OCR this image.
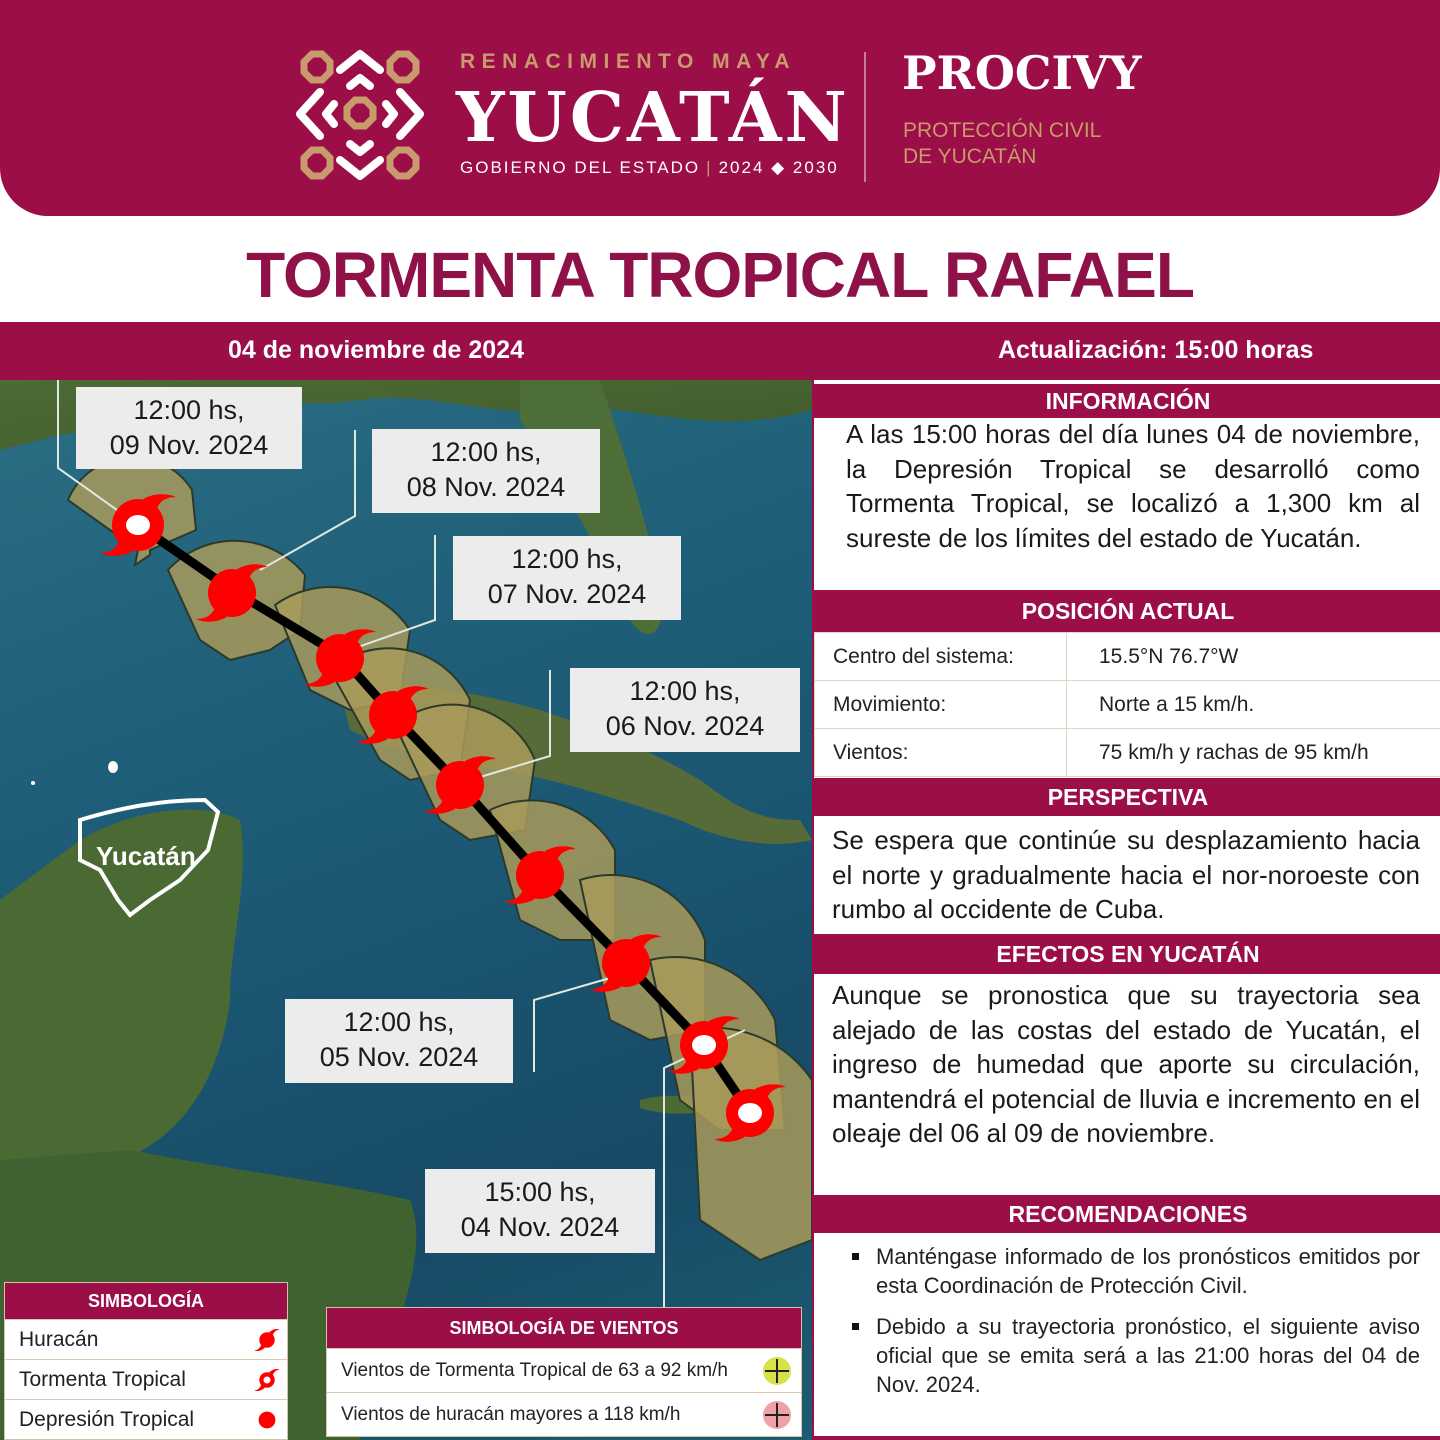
RENACIMIENTO MAYA
YUCATÁN
GOBIERNO DEL ESTADO | 2024 ◆ 2030
PROCIVY
PROTECCIÓN CIVIL
DE YUCATÁN
TORMENTA TROPICAL RAFAEL
04 de noviembre de 2024	Actualización: 15:00 horas
Yucatán
12:00 hs,
09 Nov. 2024	12:00 hs,
08 Nov. 2024
12:00 hs,
07 Nov. 2024
12:00 hs,
06 Nov. 2024
12:00 hs,
05 Nov. 2024
15:00 hs,
04 Nov. 2024
SIMBOLOGÍA
Huracán
Tormenta Tropical
Depresión Tropical
SIMBOLOGÍA DE VIENTOS
Vientos de Tormenta Tropical de 63 a 92 km/h
Vientos de huracán mayores a 118 km/h
INFORMACIÓN
A las 15:00 horas del día lunes 04 de noviembre, la Depresión Tropical se desarrolló como Tormenta Tropical, se localizó a 1,300 km al sureste de los límites del estado de Yucatán.
POSICIÓN ACTUAL
Centro del sistema:	15.5°N 76.7°W
Movimiento:	Norte a 15 km/h.
Vientos:	75 km/h y rachas de 95 km/h
PERSPECTIVA
Se espera que continúe su desplazamiento hacia el norte y gradualmente hacia el nor-noroeste con rumbo al occidente de Cuba.
EFECTOS EN YUCATÁN
Aunque se pronostica que su trayectoria sea alejado de las costas del estado de Yucatán, el ingreso de humedad que aporte su circulación, mantendrá el potencial de lluvia e incremento en el oleaje del 06 al 09 de noviembre.
RECOMENDACIONES
Manténgase informado de los pronósticos emitidos por esta Coordinación de Protección Civil.
Debido a su trayectoria pronóstico, el siguiente aviso oficial que se emita será a las 21:00 horas del 04 de Nov. 2024.
